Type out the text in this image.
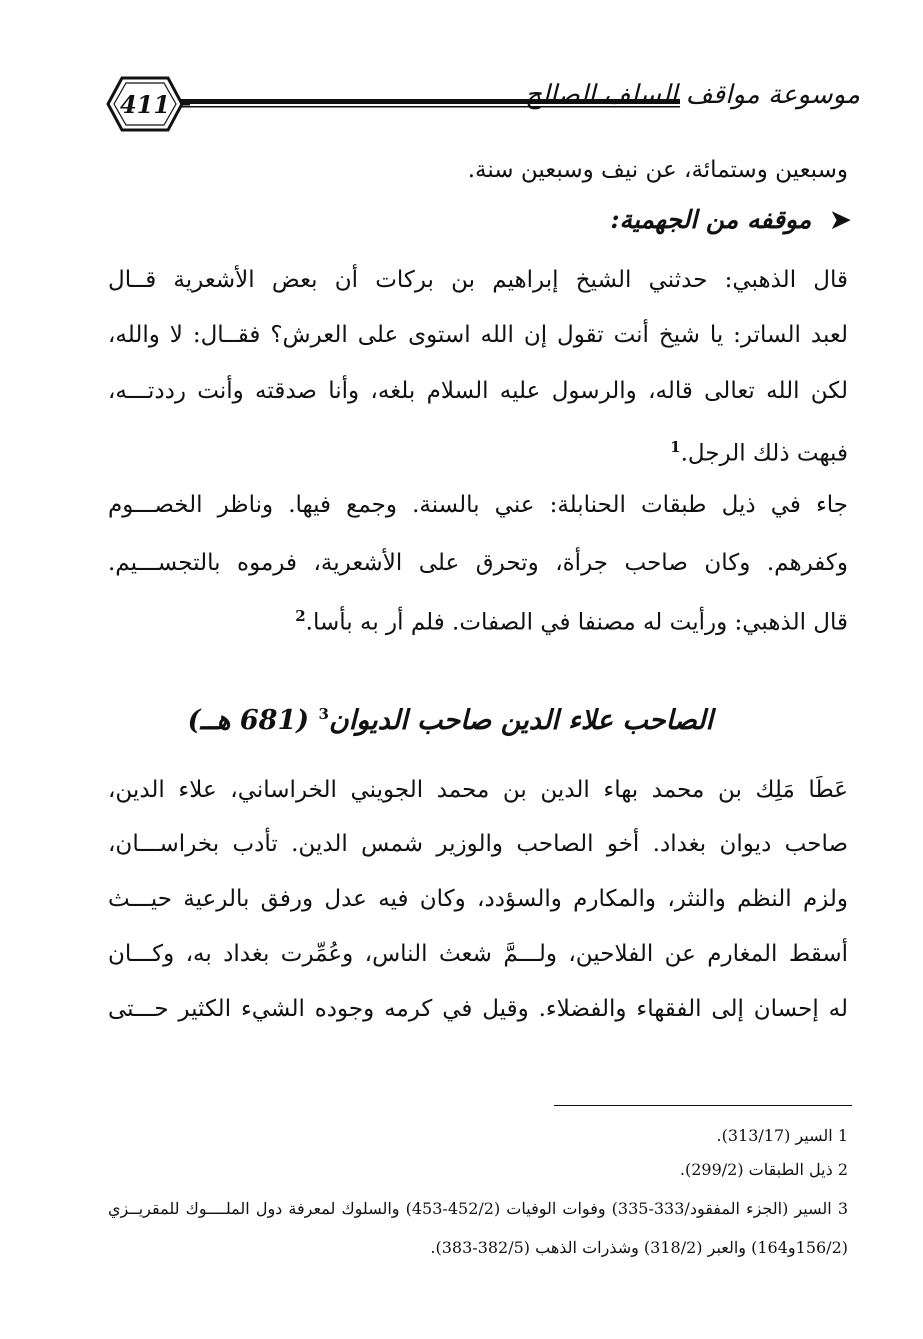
411	موسوعة مواقف السلف الصالح
وسبعين وستمائة، عن نيف وسبعين سنة.
➤ موقفه من الجهمية:
قال الذهبي: حدثني الشيخ إبراهيم بن بركات أن بعض الأشعرية قــال
لعبد الساتر: يا شيخ أنت تقول إن الله استوى على العرش؟ فقــال: لا والله،
لكن الله تعالى قاله، والرسول عليه السلام بلغه، وأنا صدقته وأنت رددتـــه،
فبهت ذلك الرجل.$^1$
جاء في ذيل طبقات الحنابلة: عني بالسنة. وجمع فيها. وناظر الخصـــوم
وكفرهم. وكان صاحب جرأة، وتحرق على الأشعرية، فرموه بالتجســـيم.
قال الذهبي: ورأيت له مصنفا في الصفات. فلم أر به بأسا.$^2$
الصاحب علاء الدين صاحب الديوان$^3$ (681 هــ)
عَطَا مَلِك بن محمد بهاء الدين بن محمد الجويني الخراساني، علاء الدين،
صاحب ديوان بغداد. أخو الصاحب والوزير شمس الدين. تأدب بخراســـان،
ولزم النظم والنثر، والمكارم والسؤدد، وكان فيه عدل ورفق بالرعية حيـــث
أسقط المغارم عن الفلاحين، ولـــمَّ شعث الناس، وعُمِّرت بغداد به، وكـــان
له إحسان إلى الفقهاء والفضلاء. وقيل في كرمه وجوده الشيء الكثير حـــتى
1 السير (313/17).
2 ذيل الطبقات (299/2).
3 السير (الجزء المفقود/333-335) وفوات الوفيات (452/2-453) والسلوك لمعرفة دول الملــــوك للمقريــزي
(156/2و164) والعبر (318/2) وشذرات الذهب (382/5-383).
